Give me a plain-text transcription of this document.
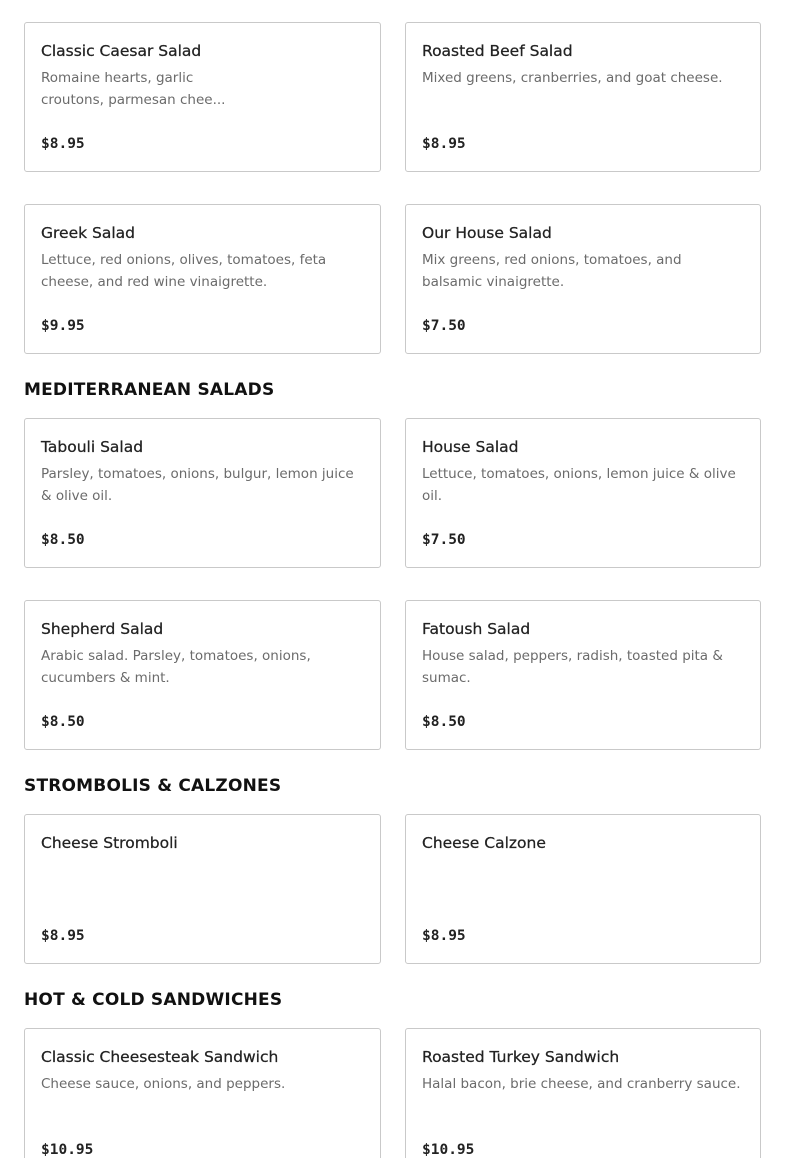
Classic Caesar Salad

Romaine hearts, garlic croutons, parmesan chee...

$8.95

Roasted Beef Salad

Mixed greens, cranberries, and goat cheese.

$8.95

Greek Salad

Lettuce, red onions, olives, tomatoes, feta cheese, and red wine vinaigrette.

$9.95

Our House Salad

Mix greens, red onions, tomatoes, and balsamic vinaigrette.

$7.50

MEDITERRANEAN SALADS
Tabouli Salad

Parsley, tomatoes, onions, bulgur, lemon juice & olive oil.

$8.50

House Salad

Lettuce, tomatoes, onions, lemon juice & olive oil.

$7.50

Shepherd Salad

Arabic salad. Parsley, tomatoes, onions, cucumbers & mint.

$8.50

Fatoush Salad

House salad, peppers, radish, toasted pita & sumac.

$8.50

STROMBOLIS & CALZONES
Cheese Stromboli

$8.95

Cheese Calzone

$8.95

HOT & COLD SANDWICHES
Classic Cheesesteak Sandwich

Cheese sauce, onions, and peppers.

$10.95

Roasted Turkey Sandwich

Halal bacon, brie cheese, and cranberry sauce.

$10.95
